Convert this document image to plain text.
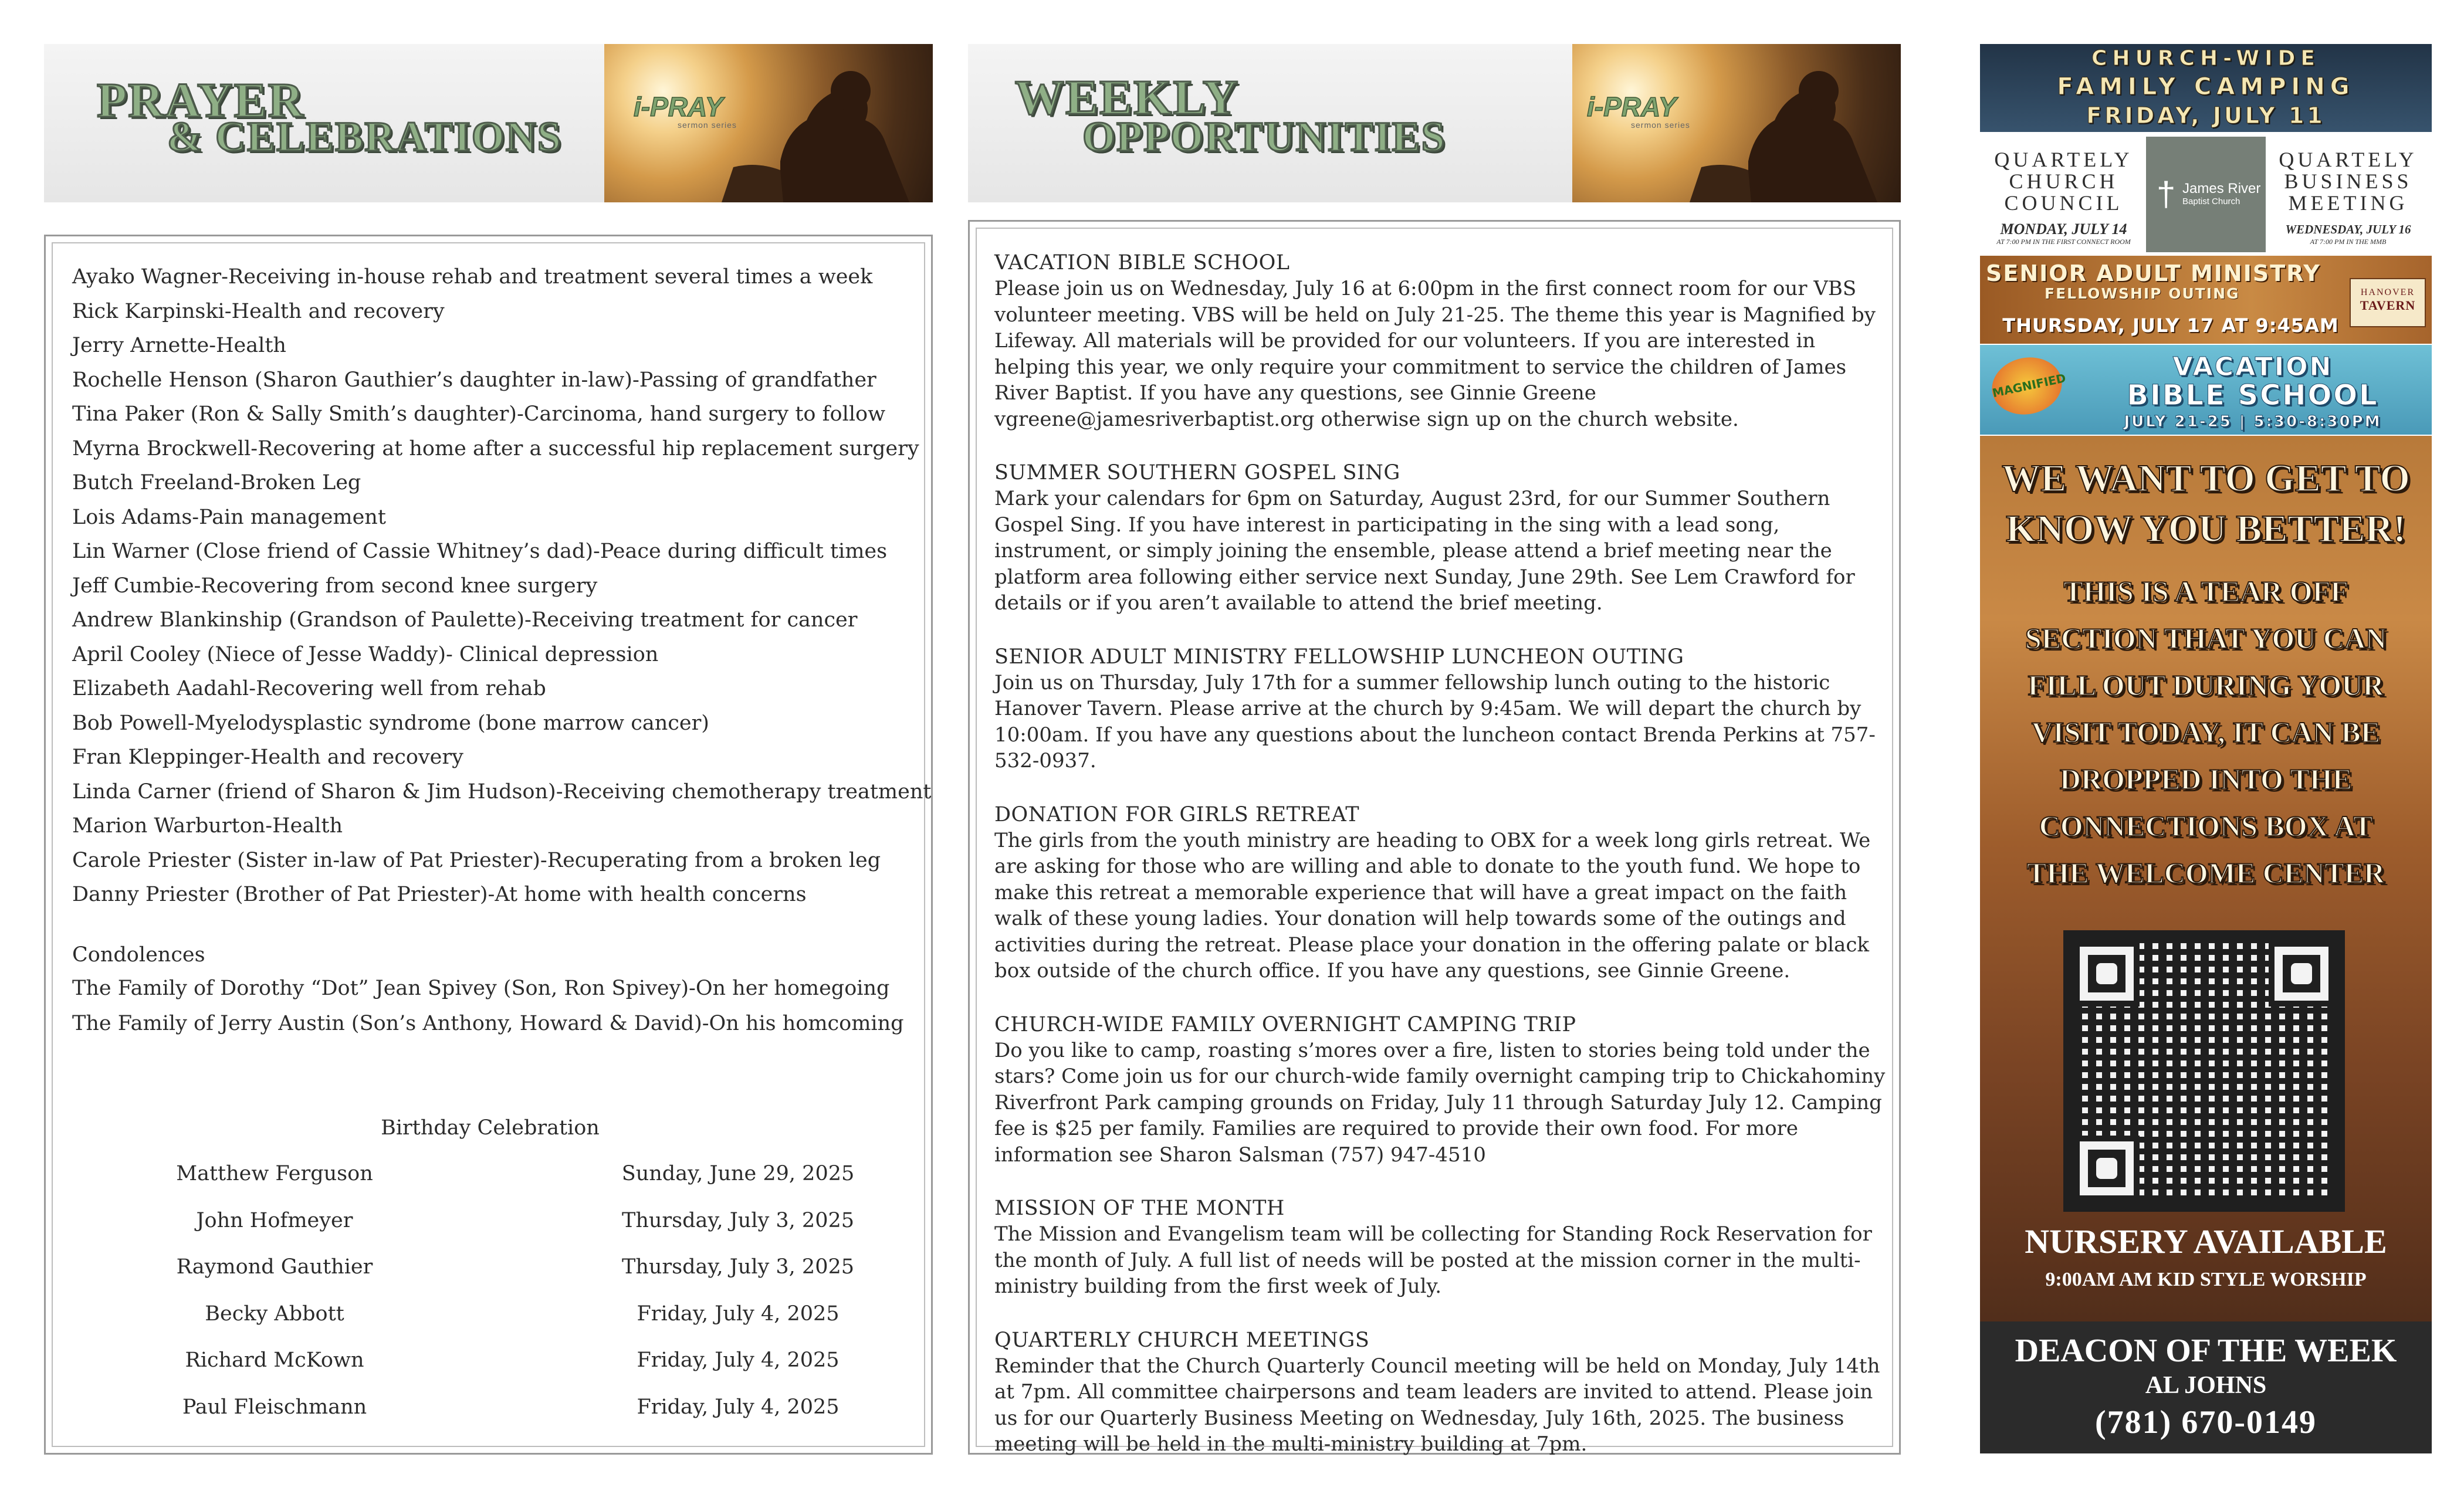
PRAYER
& CELEBRATIONS
i-PRAY
sermon series
Ayako Wagner-Receiving in-house rehab and treatment several times a week
Rick Karpinski-Health and recovery
Jerry Arnette-Health
Rochelle Henson (Sharon Gauthier’s daughter in-law)-Passing of grandfather
Tina Paker (Ron & Sally Smith’s daughter)-Carcinoma, hand surgery to follow
Myrna Brockwell-Recovering at home after a successful hip replacement surgery
Butch Freeland-Broken Leg
Lois Adams-Pain management
Lin Warner (Close friend of Cassie Whitney’s dad)-Peace during difficult times
Jeff Cumbie-Recovering from second knee surgery
Andrew Blankinship (Grandson of Paulette)-Receiving treatment for cancer
April Cooley (Niece of Jesse Waddy)- Clinical depression
Elizabeth Aadahl-Recovering well from rehab
Bob Powell-Myelodysplastic syndrome (bone marrow cancer)
Fran Kleppinger-Health and recovery
Linda Carner (friend of Sharon & Jim Hudson)-Receiving chemotherapy treatment
Marion Warburton-Health
Carole Priester (Sister in-law of Pat Priester)-Recuperating from a broken leg
Danny Priester (Brother of Pat Priester)-At home with health concerns
Condolences
The Family of Dorothy “Dot” Jean Spivey (Son, Ron Spivey)-On her homegoing
The Family of Jerry Austin (Son’s Anthony, Howard & David)-On his homcoming
Birthday Celebration
Matthew Ferguson	Sunday, June 29, 2025
John Hofmeyer	Thursday, July 3, 2025
Raymond Gauthier	Thursday, July 3, 2025
Becky Abbott	Friday, July 4, 2025
Richard McKown	Friday, July 4, 2025
Paul Fleischmann	Friday, July 4, 2025
WEEKLY
OPPORTUNITIES
i-PRAY
sermon series
VACATION BIBLE SCHOOL
Please join us on Wednesday, July 16 at 6:00pm in the first connect room for our VBS volunteer meeting. VBS will be held on July 21-25. The theme this year is Magnified by Lifeway. All materials will be provided for our volunteers. If you are interested in helping this year, we only require your commitment to service the children of James River Baptist. If you have any questions, see Ginnie Greene vgreene@jamesriverbaptist.org otherwise sign up on the church website.
SUMMER SOUTHERN GOSPEL SING
Mark your calendars for 6pm on Saturday, August 23rd, for our Summer Southern Gospel Sing. If you have interest in participating in the sing with a lead song, instrument, or simply joining the ensemble, please attend a brief meeting near the platform area following either service next Sunday, June 29th. See Lem Crawford for details or if you aren’t available to attend the brief meeting.
SENIOR ADULT MINISTRY FELLOWSHIP LUNCHEON OUTING
Join us on Thursday, July 17th for a summer fellowship lunch outing to the historic Hanover Tavern. Please arrive at the church by 9:45am. We will depart the church by 10:00am. If you have any questions about the luncheon contact Brenda Perkins at 757-532-0937.
DONATION FOR GIRLS RETREAT
The girls from the youth ministry are heading to OBX for a week long girls retreat. We are asking for those who are willing and able to donate to the youth fund. We hope to make this retreat a memorable experience that will have a great impact on the faith walk of these young ladies. Your donation will help towards some of the outings and activities during the retreat. Please place your donation in the offering palate or black box outside of the church office. If you have any questions, see Ginnie Greene.
CHURCH-WIDE FAMILY OVERNIGHT CAMPING TRIP
Do you like to camp, roasting s’mores over a fire, listen to stories being told under the stars? Come join us for our church-wide family overnight camping trip to Chickahominy Riverfront Park camping grounds on Friday, July 11 through Saturday July 12. Camping fee is $25 per family. Families are required to provide their own food. For more information see Sharon Salsman (757) 947-4510
MISSION OF THE MONTH
The Mission and Evangelism team will be collecting for Standing Rock Reservation for the month of July. A full list of needs will be posted at the mission corner in the multi-ministry building from the first week of July.
QUARTERLY CHURCH MEETINGS
Reminder that the Church Quarterly Council meeting will be held on Monday, July 14th at 7pm. All committee chairpersons and team leaders are invited to attend. Please join us for our Quarterly Business Meeting on Wednesday, July 16th, 2025. The business meeting will be held in the multi-ministry building at 7pm.
CHURCH-WIDE
FAMILY CAMPING
FRIDAY, JULY 11
QUARTELY
CHURCH
COUNCIL
MONDAY, JULY 14
AT 7:00 PM IN THE FIRST CONNECT ROOM
† James River
Baptist Church
QUARTELY
BUSINESS
MEETING
WEDNESDAY, JULY 16
AT 7:00 PM IN THE MMB
SENIOR ADULT MINISTRY
FELLOWSHIP OUTING
THURSDAY, JULY 17 AT 9:45AM
HANOVER
TAVERN
MAGNIFIED
VACATION
BIBLE SCHOOL
JULY 21-25 | 5:30-8:30PM
WE WANT TO GET TO
KNOW YOU BETTER!
THIS IS A TEAR OFF
SECTION THAT YOU CAN
FILL OUT DURING YOUR
VISIT TODAY, IT CAN BE
DROPPED INTO THE
CONNECTIONS BOX AT
THE WELCOME CENTER
NURSERY AVAILABLE
9:00AM AM KID STYLE WORSHIP
DEACON OF THE WEEK
AL JOHNS
(781) 670-0149
